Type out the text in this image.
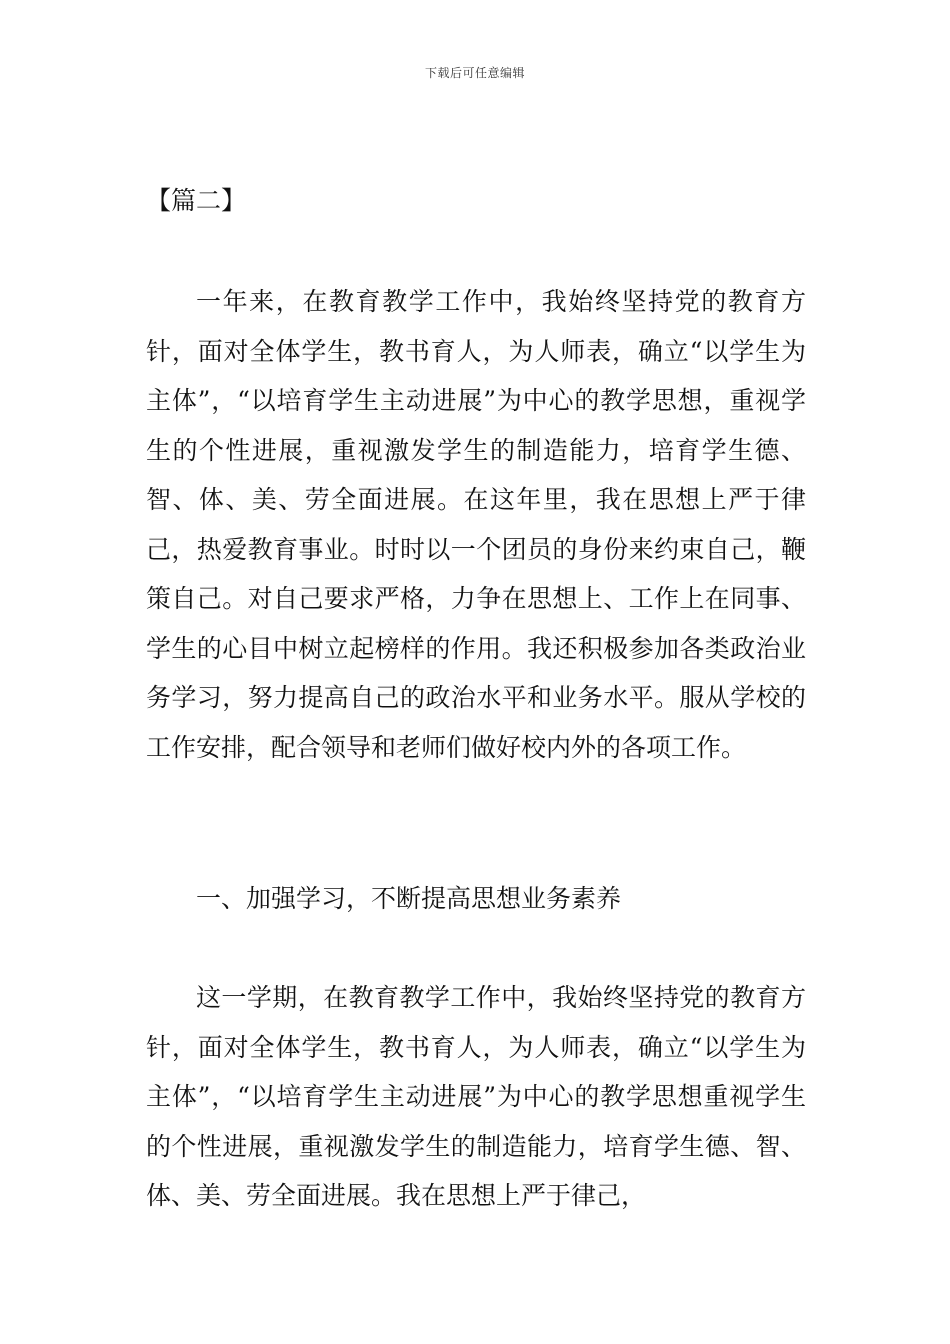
下载后可任意编辑
【篇二】

一年来，在教育教学工作中，我始终坚持党的教育方针，面对全体学生，教书育人，为人师表，确立“以学生为主体”，“以培育学生主动进展”为中心的教学思想，重视学生的个性进展，重视激发学生的制造能力，培育学生德、智、体、美、劳全面进展。在这年里，我在思想上严于律己，热爱教育事业。时时以一个团员的身份来约束自己，鞭策自己。对自己要求严格，力争在思想上、工作上在同事、学生的心目中树立起榜样的作用。我还积极参加各类政治业务学习，努力提高自己的政治水平和业务水平。服从学校的工作安排，配合领导和老师们做好校内外的各项工作。

一、加强学习，不断提高思想业务素养

这一学期，在教育教学工作中，我始终坚持党的教育方针，面对全体学生，教书育人，为人师表，确立“以学生为主体”，“以培育学生主动进展”为中心的教学思想重视学生的个性进展，重视激发学生的制造能力，培育学生德、智、体、美、劳全面进展。我在思想上严于律己，
